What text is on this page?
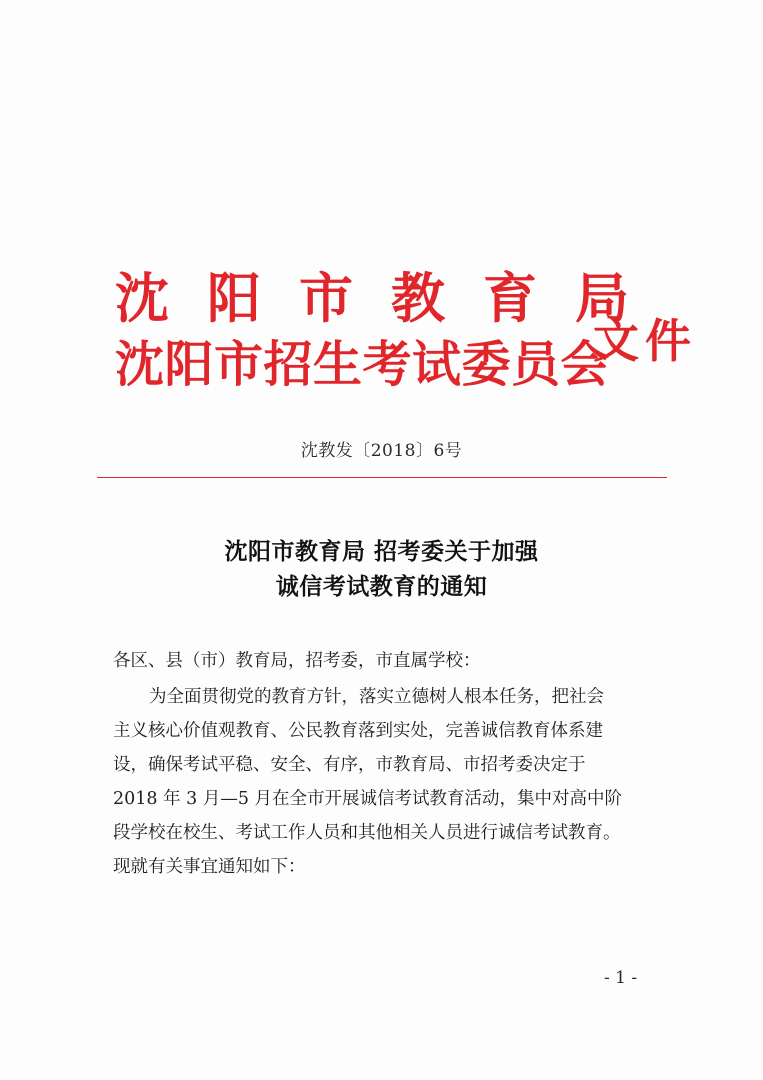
沈阳市教育局
沈阳市招生考试委员会
文件
沈教发〔2018〕6号
沈阳市教育局 招考委关于加强
诚信考试教育的通知
各区、县（市）教育局，招考委，市直属学校：
为全面贯彻党的教育方针，落实立德树人根本任务，把社会
主义核心价值观教育、公民教育落到实处，完善诚信教育体系建
设，确保考试平稳、安全、有序，市教育局、市招考委决定于
2018 年 3 月—5 月在全市开展诚信考试教育活动，集中对高中阶
段学校在校生、考试工作人员和其他相关人员进行诚信考试教育。
现就有关事宜通知如下：
- 1 -
